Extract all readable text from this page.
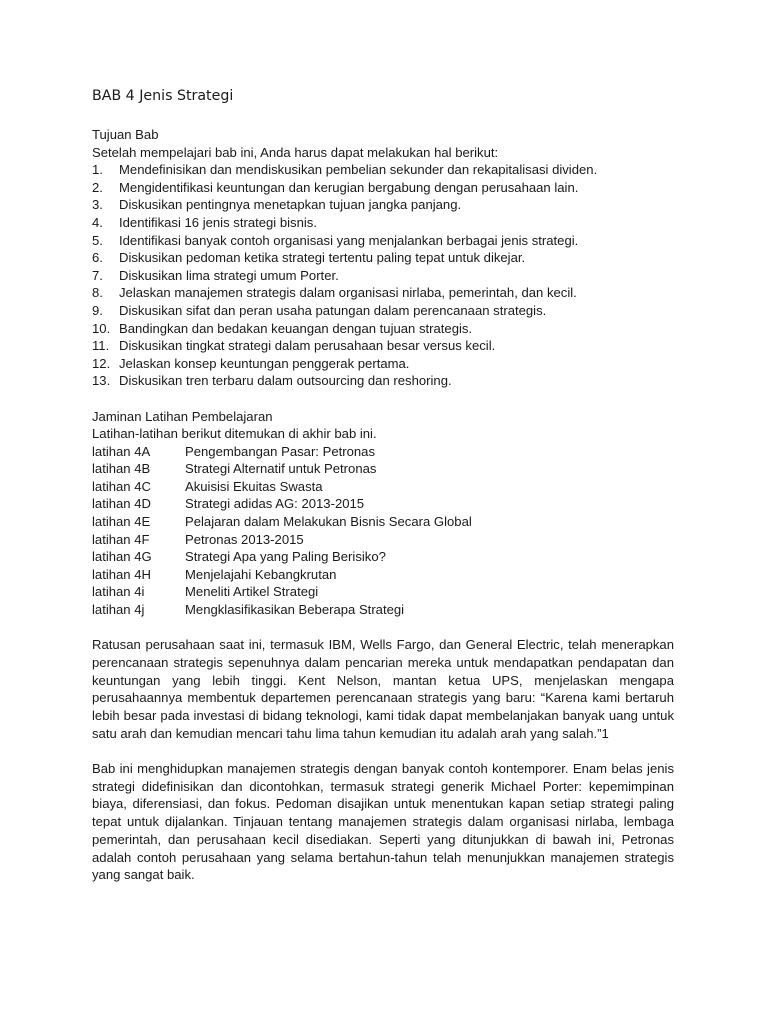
BAB 4 Jenis Strategi

Tujuan Bab

Setelah mempelajari bab ini, Anda harus dapat melakukan hal berikut:

1.	Mendefinisikan dan mendiskusikan pembelian sekunder dan rekapitalisasi dividen.
2.	Mengidentifikasi keuntungan dan kerugian bergabung dengan perusahaan lain.
3.	Diskusikan pentingnya menetapkan tujuan jangka panjang.
4.	Identifikasi 16 jenis strategi bisnis.
5.	Identifikasi banyak contoh organisasi yang menjalankan berbagai jenis strategi.
6.	Diskusikan pedoman ketika strategi tertentu paling tepat untuk dikejar.
7.	Diskusikan lima strategi umum Porter.
8.	Jelaskan manajemen strategis dalam organisasi nirlaba, pemerintah, dan kecil.
9.	Diskusikan sifat dan peran usaha patungan dalam perencanaan strategis.
10. Bandingkan dan bedakan keuangan dengan tujuan strategis.
11. Diskusikan tingkat strategi dalam perusahaan besar versus kecil.
12. Jelaskan konsep keuntungan penggerak pertama.
13. Diskusikan tren terbaru dalam outsourcing dan reshoring.

Jaminan Latihan Pembelajaran

Latihan-latihan berikut ditemukan di akhir bab ini.

latihan 4A	Pengembangan Pasar: Petronas
latihan 4B	Strategi Alternatif untuk Petronas
latihan 4C	Akuisisi Ekuitas Swasta
latihan 4D	Strategi adidas AG: 2013-2015
latihan 4E	Pelajaran dalam Melakukan Bisnis Secara Global
latihan 4F	Petronas 2013-2015
latihan 4G	Strategi Apa yang Paling Berisiko?
latihan 4H	Menjelajahi Kebangkrutan
latihan 4i	Meneliti Artikel Strategi
latihan 4j	Mengklasifikasikan Beberapa Strategi

Ratusan perusahaan saat ini, termasuk IBM, Wells Fargo, dan General Electric, telah menerapkan perencanaan strategis sepenuhnya dalam pencarian mereka untuk mendapatkan pendapatan dan keuntungan yang lebih tinggi. Kent Nelson, mantan ketua UPS, menjelaskan mengapa perusahaannya membentuk departemen perencanaan strategis yang baru: “Karena kami bertaruh lebih besar pada investasi di bidang teknologi, kami tidak dapat membelanjakan banyak uang untuk satu arah dan kemudian mencari tahu lima tahun kemudian itu adalah arah yang salah.”1

Bab ini menghidupkan manajemen strategis dengan banyak contoh kontemporer. Enam belas jenis strategi didefinisikan dan dicontohkan, termasuk strategi generik Michael Porter: kepemimpinan biaya, diferensiasi, dan fokus. Pedoman disajikan untuk menentukan kapan setiap strategi paling tepat untuk dijalankan. Tinjauan tentang manajemen strategis dalam organisasi nirlaba, lembaga pemerintah, dan perusahaan kecil disediakan. Seperti yang ditunjukkan di bawah ini, Petronas adalah contoh perusahaan yang selama bertahun-tahun telah menunjukkan manajemen strategis yang sangat baik.
